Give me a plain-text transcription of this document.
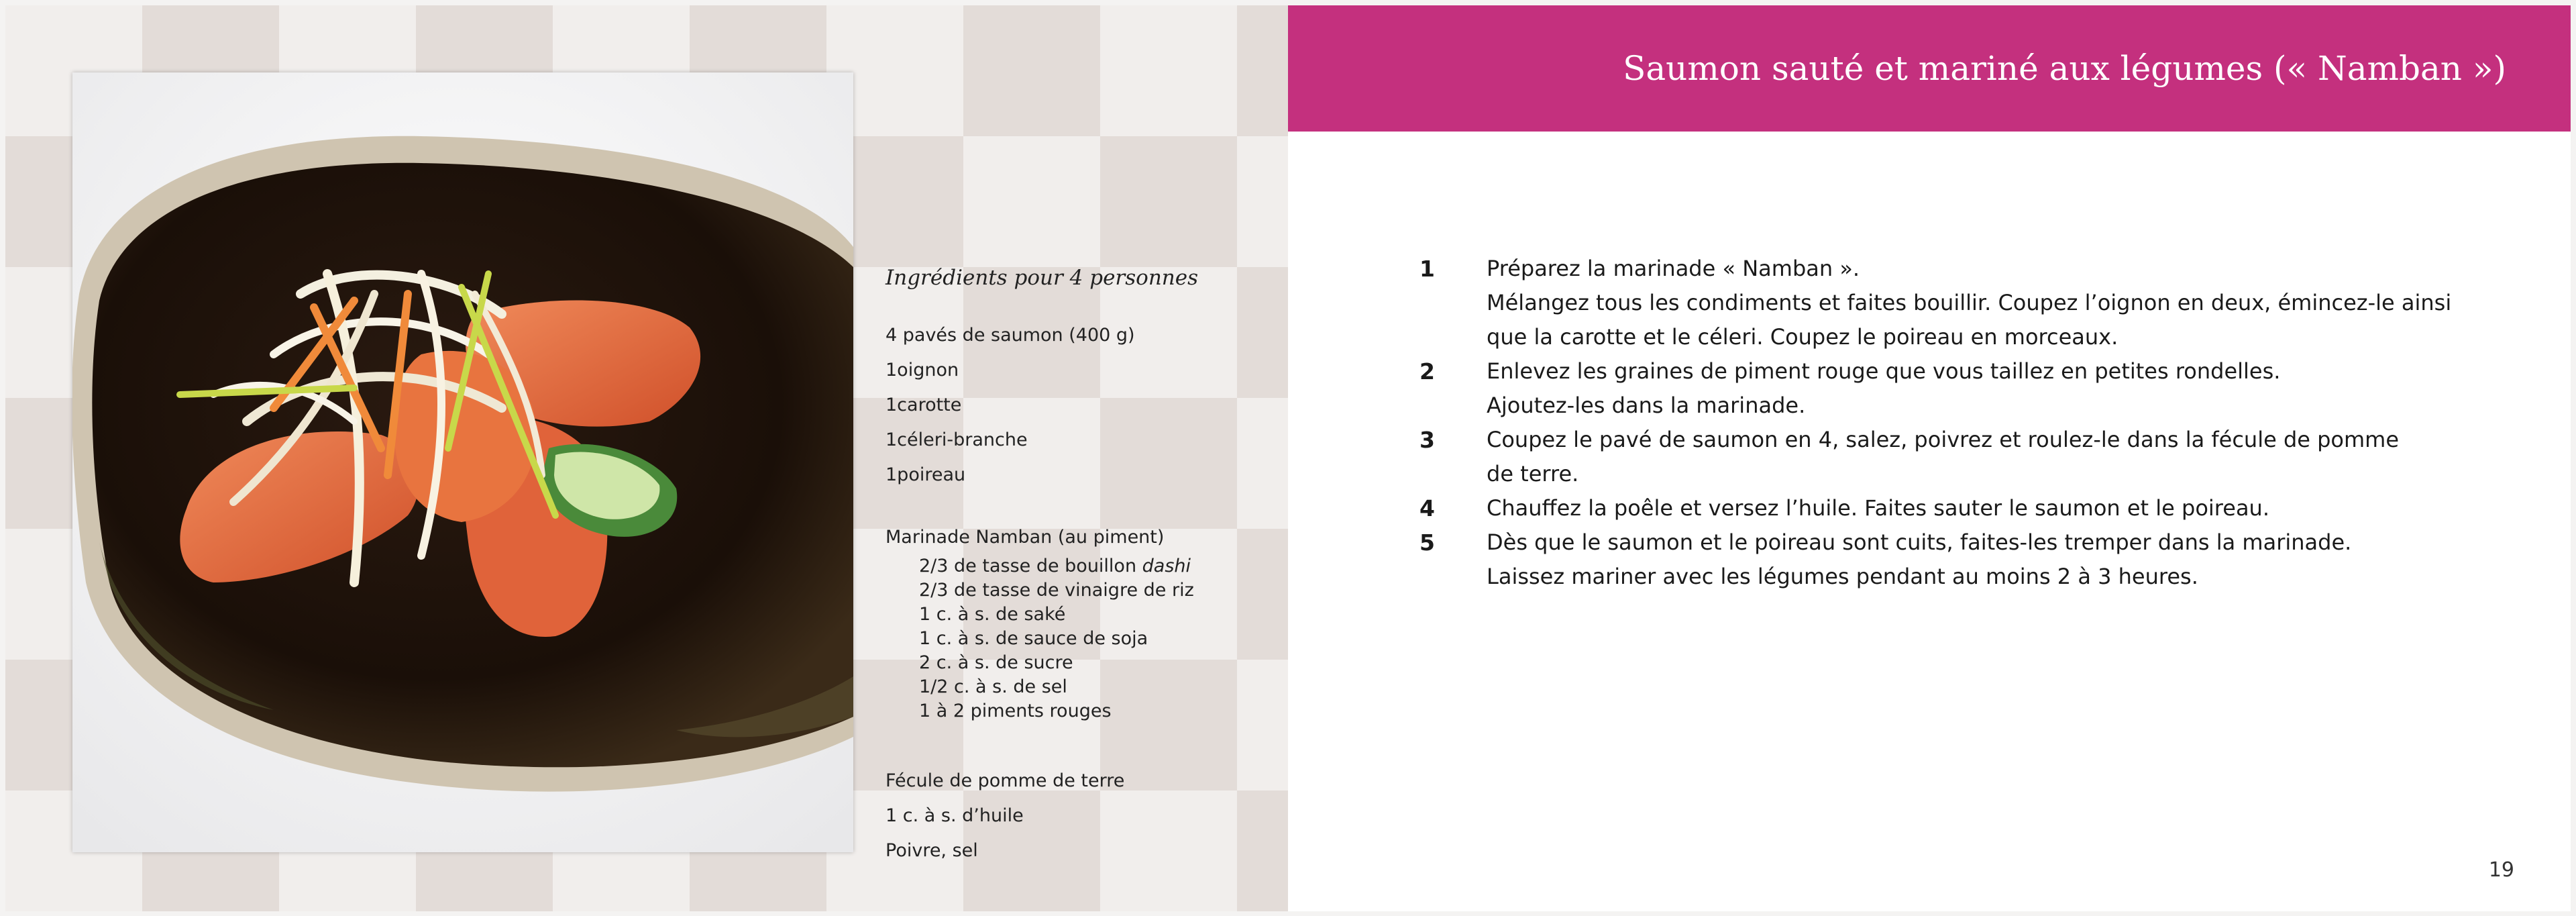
Ingrédients pour 4 personnes
4 pavés de saumon (400 g)
1oignon
1carotte
1céleri-branche
1poireau
Marinade Namban (au piment)
2/3 de tasse de bouillon dashi
2/3 de tasse de vinaigre de riz
1 c. à s. de saké
1 c. à s. de sauce de soja
2 c. à s. de sucre
1/2 c. à s. de sel
1 à 2 piments rouges
Fécule de pomme de terre
1 c. à s. d’huile
Poivre, sel
Saumon sauté et mariné aux légumes (« Namban »)
1 Préparez la marinade « Namban ».
Mélangez tous les condiments et faites bouillir. Coupez l’oignon en deux, émincez-le ainsi
que la carotte et le céleri. Coupez le poireau en morceaux.
2 Enlevez les graines de piment rouge que vous taillez en petites rondelles.
Ajoutez-les dans la marinade.
3 Coupez le pavé de saumon en 4, salez, poivrez et roulez-le dans la fécule de pomme
de terre.
4 Chauffez la poêle et versez l’huile. Faites sauter le saumon et le poireau.
5 Dès que le saumon et le poireau sont cuits, faites-les tremper dans la marinade.
Laissez mariner avec les légumes pendant au moins 2 à 3 heures.
19
